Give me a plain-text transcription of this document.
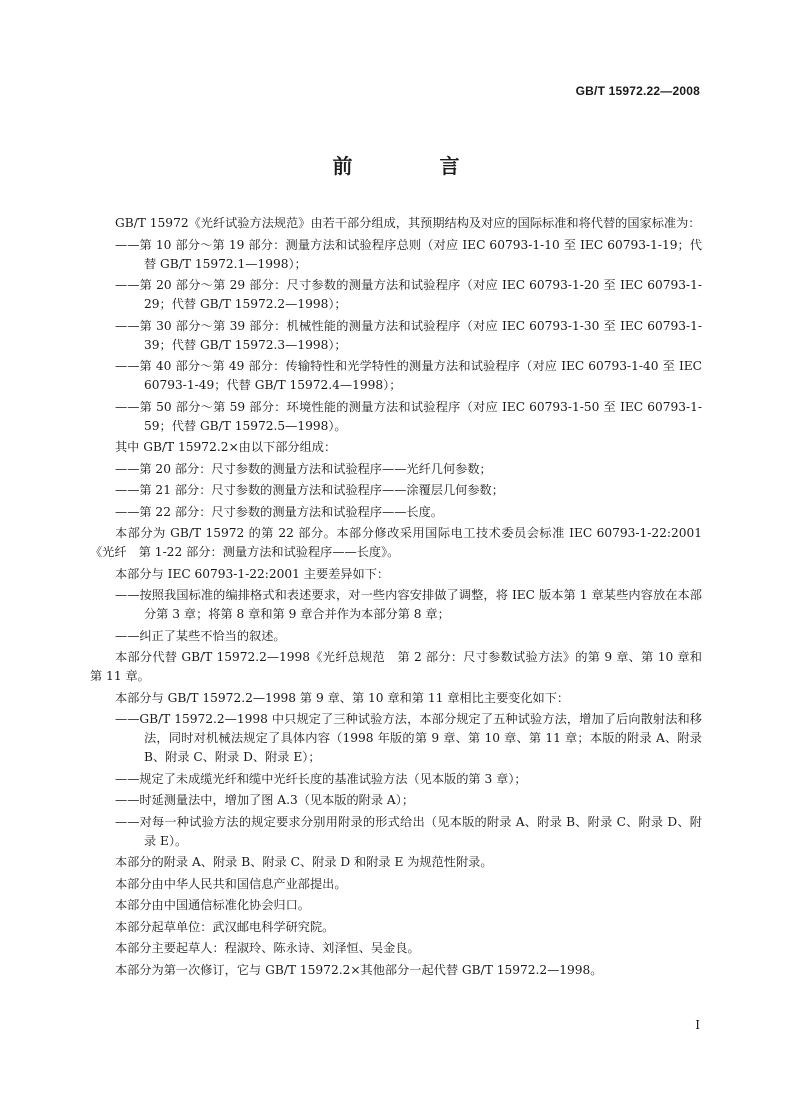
GB/T 15972.22—2008
前 言
GB/T 15972《光纤试验方法规范》由若干部分组成，其预期结构及对应的国际标准和将代替的国家标准为：
——第 10 部分～第 19 部分：测量方法和试验程序总则（对应 IEC 60793-1-10 至 IEC 60793-1-19；代替 GB/T 15972.1—1998）；
——第 20 部分～第 29 部分：尺寸参数的测量方法和试验程序（对应 IEC 60793-1-20 至 IEC 60793-1-29；代替 GB/T 15972.2—1998）；
——第 30 部分～第 39 部分：机械性能的测量方法和试验程序（对应 IEC 60793-1-30 至 IEC 60793-1-39；代替 GB/T 15972.3—1998）；
——第 40 部分～第 49 部分：传输特性和光学特性的测量方法和试验程序（对应 IEC 60793-1-40 至 IEC 60793-1-49；代替 GB/T 15972.4—1998）；
——第 50 部分～第 59 部分：环境性能的测量方法和试验程序（对应 IEC 60793-1-50 至 IEC 60793-1-59；代替 GB/T 15972.5—1998）。
其中 GB/T 15972.2×由以下部分组成：
——第 20 部分：尺寸参数的测量方法和试验程序——光纤几何参数；
——第 21 部分：尺寸参数的测量方法和试验程序——涂覆层几何参数；
——第 22 部分：尺寸参数的测量方法和试验程序——长度。
本部分为 GB/T 15972 的第 22 部分。本部分修改采用国际电工技术委员会标准 IEC 60793-1-22:2001《光纤　第 1-22 部分：测量方法和试验程序——长度》。
本部分与 IEC 60793-1-22:2001 主要差异如下：
——按照我国标准的编排格式和表述要求，对一些内容安排做了调整，将 IEC 版本第 1 章某些内容放在本部分第 3 章；将第 8 章和第 9 章合并作为本部分第 8 章；
——纠正了某些不恰当的叙述。
本部分代替 GB/T 15972.2—1998《光纤总规范　第 2 部分：尺寸参数试验方法》的第 9 章、第 10 章和第 11 章。
本部分与 GB/T 15972.2—1998 第 9 章、第 10 章和第 11 章相比主要变化如下：
——GB/T 15972.2—1998 中只规定了三种试验方法，本部分规定了五种试验方法，增加了后向散射法和移法，同时对机械法规定了具体内容（1998 年版的第 9 章、第 10 章、第 11 章；本版的附录 A、附录 B、附录 C、附录 D、附录 E）；
——规定了未成缆光纤和缆中光纤长度的基准试验方法（见本版的第 3 章）；
——时延测量法中，增加了图 A.3（见本版的附录 A）；
——对每一种试验方法的规定要求分别用附录的形式给出（见本版的附录 A、附录 B、附录 C、附录 D、附录 E）。
本部分的附录 A、附录 B、附录 C、附录 D 和附录 E 为规范性附录。
本部分由中华人民共和国信息产业部提出。
本部分由中国通信标准化协会归口。
本部分起草单位：武汉邮电科学研究院。
本部分主要起草人：程淑玲、陈永诗、刘泽恒、吴金良。
本部分为第一次修订，它与 GB/T 15972.2×其他部分一起代替 GB/T 15972.2—1998。
I
